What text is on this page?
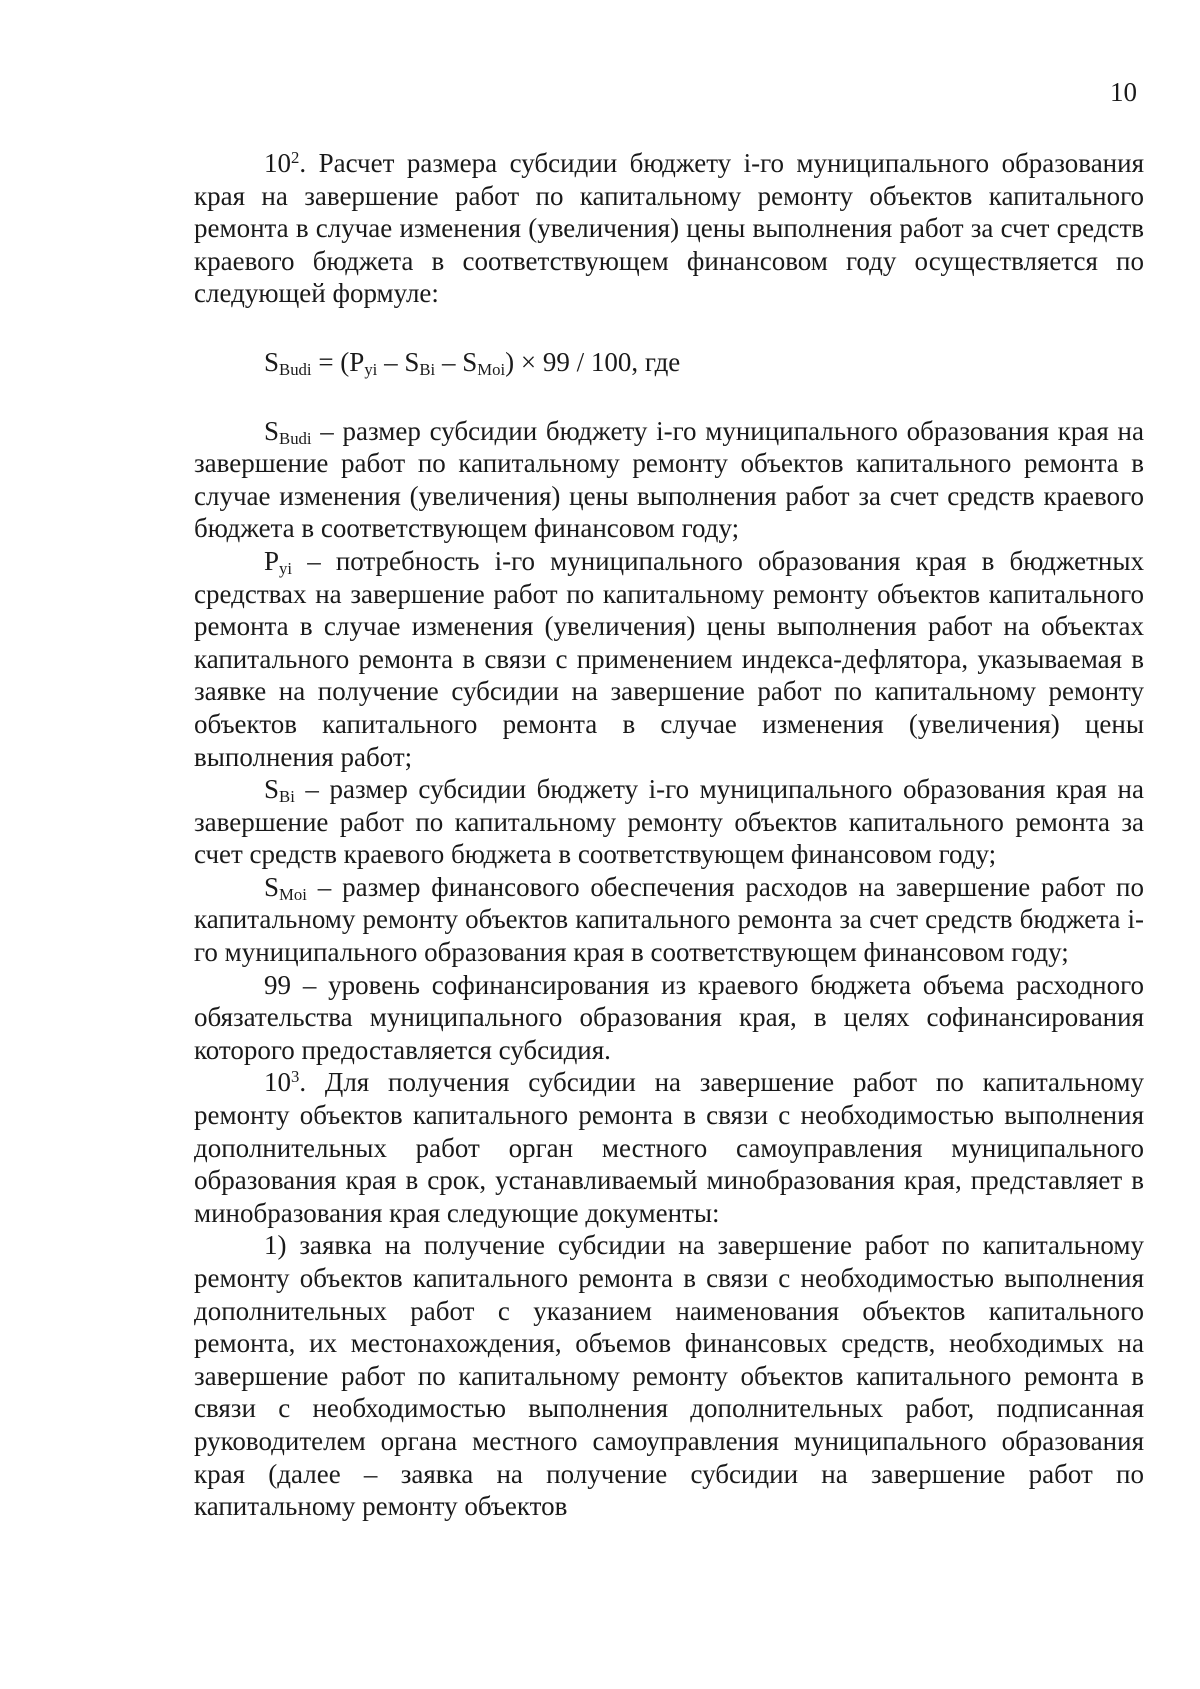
10

$10^2$. Расчет размера субсидии бюджету i-го муниципального образования края на завершение работ по капитальному ремонту объектов капитального ремонта в случае изменения (увеличения) цены выполнения работ за счет средств краевого бюджета в соответствующем финансовом году осуществляется по следующей формуле:

$S_{Budi} = (P_{yi} - S_{Bi} - S_{Moi}) \times 99 / 100$, где

$S_{Budi}$ – размер субсидии бюджету i-го муниципального образования края на завершение работ по капитальному ремонту объектов капитального ремонта в случае изменения (увеличения) цены выполнения работ за счет средств краевого бюджета в соответствующем финансовом году;

$P_{yi}$ – потребность i-го муниципального образования края в бюджетных средствах на завершение работ по капитальному ремонту объектов капитального ремонта в случае изменения (увеличения) цены выполнения работ на объектах капитального ремонта в связи с применением индекса-дефлятора, указываемая в заявке на получение субсидии на завершение работ по капитальному ремонту объектов капитального ремонта в случае изменения (увеличения) цены выполнения работ;

$S_{Bi}$ – размер субсидии бюджету i-го муниципального образования края на завершение работ по капитальному ремонту объектов капитального ремонта за счет средств краевого бюджета в соответствующем финансовом году;

$S_{Moi}$ – размер финансового обеспечения расходов на завершение работ по капитальному ремонту объектов капитального ремонта за счет средств бюджета i-го муниципального образования края в соответствующем финансовом году;

99 – уровень софинансирования из краевого бюджета объема расходного обязательства муниципального образования края, в целях софинансирования которого предоставляется субсидия.

$10^3$. Для получения субсидии на завершение работ по капитальному ремонту объектов капитального ремонта в связи с необходимостью выполнения дополнительных работ орган местного самоуправления муниципального образования края в срок, устанавливаемый минобразования края, представляет в минобразования края следующие документы:

1) заявка на получение субсидии на завершение работ по капитальному ремонту объектов капитального ремонта в связи с необходимостью выполнения дополнительных работ с указанием наименования объектов капитального ремонта, их местонахождения, объемов финансовых средств, необходимых на завершение работ по капитальному ремонту объектов капитального ремонта в связи с необходимостью выполнения дополнительных работ, подписанная руководителем органа местного самоуправления муниципального образования края (далее – заявка на получение субсидии на завершение работ по капитальному ремонту объектов
